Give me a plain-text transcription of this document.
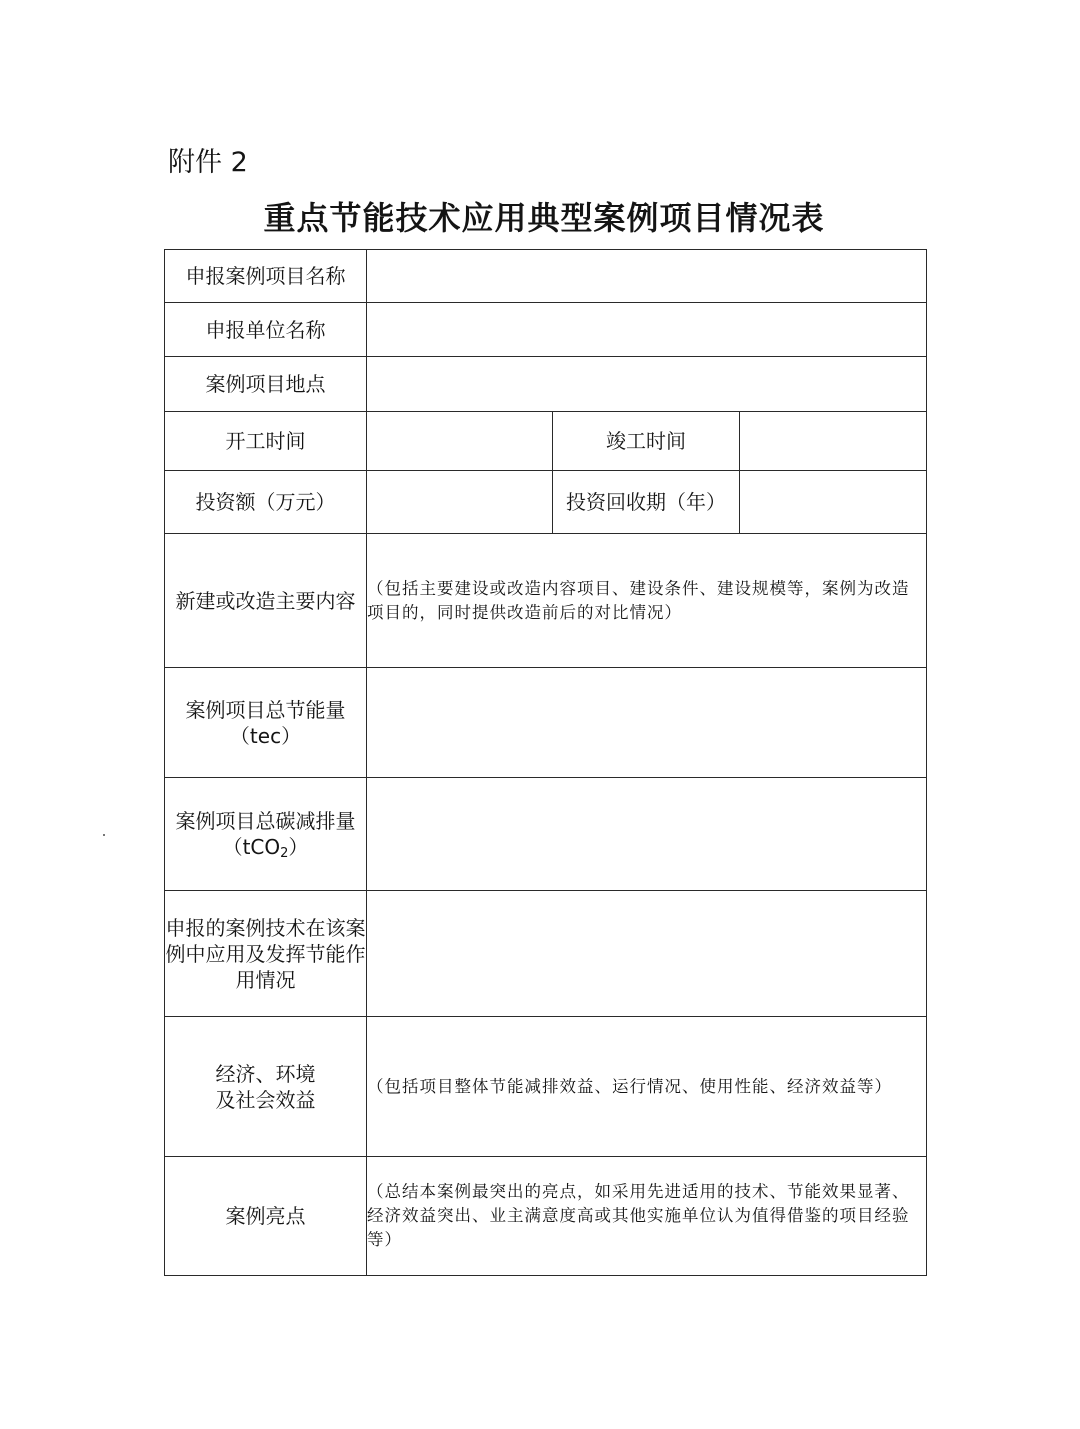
附件 2
重点节能技术应用典型案例项目情况表
申报案例项目名称			
申报单位名称			
案例项目地点			
开工时间		竣工时间	
投资额（万元）		投资回收期（年）	
新建或改造主要内容	（包括主要建设或改造内容项目、建设条件、建设规模等，案例为改造项目的，同时提供改造前后的对比情况）		

案例项目总节能量
（tec）			

案例项目总碳减排量（tCO$_2$）			
申报的案例技术在该案例中应用及发挥节能作用情况			

经济、环境
及社会效益	（包括项目整体节能减排效益、运行情况、使用性能、经济效益等）		
案例亮点	（总结本案例最突出的亮点，如采用先进适用的技术、节能效果显著、经济效益突出、业主满意度高或其他实施单位认为值得借鉴的项目经验等）		
